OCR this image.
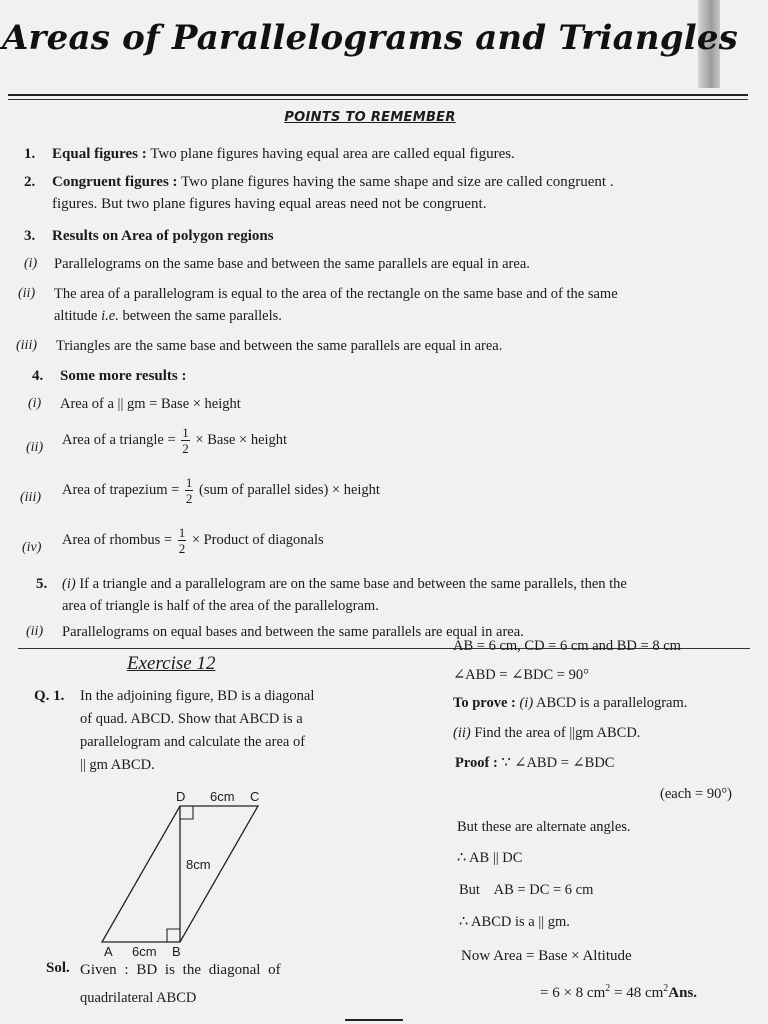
Areas of Parallelograms and Triangles
POINTS TO REMEMBER
1. Equal figures : Two plane figures having equal area are called equal figures.
2. Congruent figures : Two plane figures having the same shape and size are called congruent .
figures. But two plane figures having equal areas need not be congruent.
3. Results on Area of polygon regions
(i) Parallelograms on the same base and between the same parallels are equal in area.
(ii) The area of a parallelogram is equal to the area of the rectangle on the same base and of the same
altitude i.e. between the same parallels.
(iii) Triangles are the same base and between the same parallels are equal in area.
4. Some more results :
(i) Area of a || gm = Base × height
(ii) Area of a triangle = $\frac{1}{2}$ × Base × height
(iii) Area of trapezium = $\frac{1}{2} (sum$ of parallel sides) × height
(iv) Area of rhombus = $\frac{1}{2}$ × Product of diagonals
5. (i) If a triangle and a parallelogram are on the same base and between the same parallels, then the
area of triangle is half of the area of the parallelogram.
(ii) Parallelograms on equal bases and between the same parallels are equal in area.
Exercise 12
Q. 1. In the adjoining figure, BD is a diagonal
of quad. ABCD. Show that ABCD is a
parallelogram and calculate the area of
|| gm ABCD.
D 6cm C
8cm
A 6cm B
Sol. Given : BD is the diagonal of
quadrilateral ABCD
AB = 6 cm, CD = 6 cm and BD = 8 cm
∠ABD = ∠BDC = 90°
To prove : (i) ABCD is a parallelogram.
(ii) Find the area of ||gm ABCD.
Proof : ∵ ∠ABD = ∠BDC
(each = 90°)
But these are alternate angles.
∴ AB || DC
But    AB = DC = 6 cm
∴ ABCD is a || gm.
Now Area = Base × Altitude
= 6 × 8 $cm^2 = 48$ $cm^2Ans$.
